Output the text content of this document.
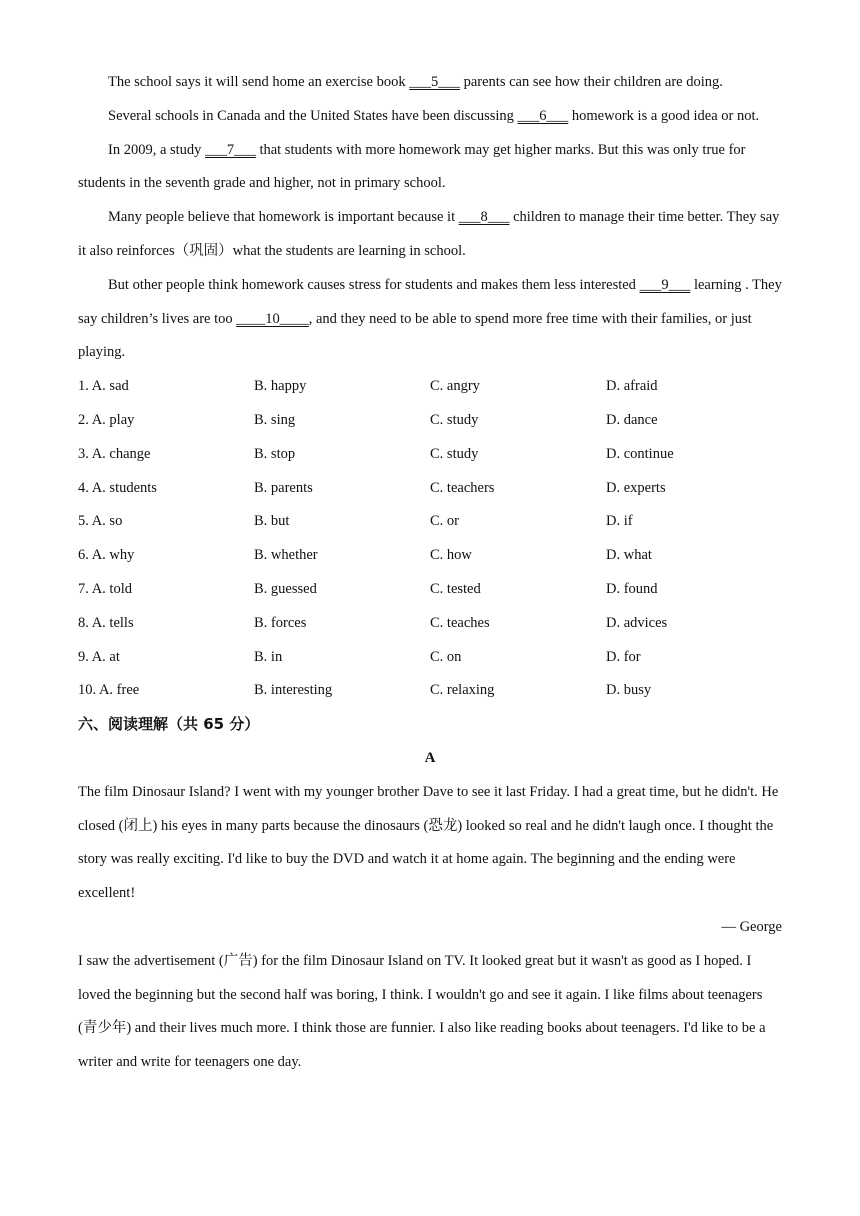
The school says it will send home an exercise book ___5___ parents can see how their children are doing.

Several schools in Canada and the United States have been discussing ___6___ homework is a good idea or not.

In 2009, a study ___7___ that students with more homework may get higher marks. But this was only true for students in the seventh grade and higher, not in primary school.

Many people believe that homework is important because it ___8___ children to manage their time better. They say it also reinforces（巩固）what the students are learning in school.

But other people think homework causes stress for students and makes them less interested ___9___ learning . They say children’s lives are too ____10____, and they need to be able to spend more free time with their families, or just playing.

1. A. sad	B. happy	C. angry	D. afraid
2. A. play	B. sing	C. study	D. dance
3. A. change	B. stop	C. study	D. continue
4. A. students	B. parents	C. teachers	D. experts
5. A. so	B. but	C. or	D. if
6. A. why	B. whether	C. how	D. what
7. A. told	B. guessed	C. tested	D. found
8. A. tells	B. forces	C. teaches	D. advices
9. A. at	B. in	C. on	D. for
10. A. free	B. interesting	C. relaxing	D. busy

六、阅读理解（共 65 分）

A

The film Dinosaur Island? I went with my younger brother Dave to see it last Friday. I had a great time, but he didn't. He closed (闭上) his eyes in many parts because the dinosaurs (恐龙) looked so real and he didn't laugh once. I thought the story was really exciting. I'd like to buy the DVD and watch it at home again. The beginning and the ending were excellent!

— George

I saw the advertisement (广告) for the film Dinosaur Island on TV. It looked great but it wasn't as good as I hoped. I loved the beginning but the second half was boring, I think. I wouldn't go and see it again. I like films about teenagers (青少年) and their lives much more. I think those are funnier. I also like reading books about teenagers. I'd like to be a writer and write for teenagers one day.
